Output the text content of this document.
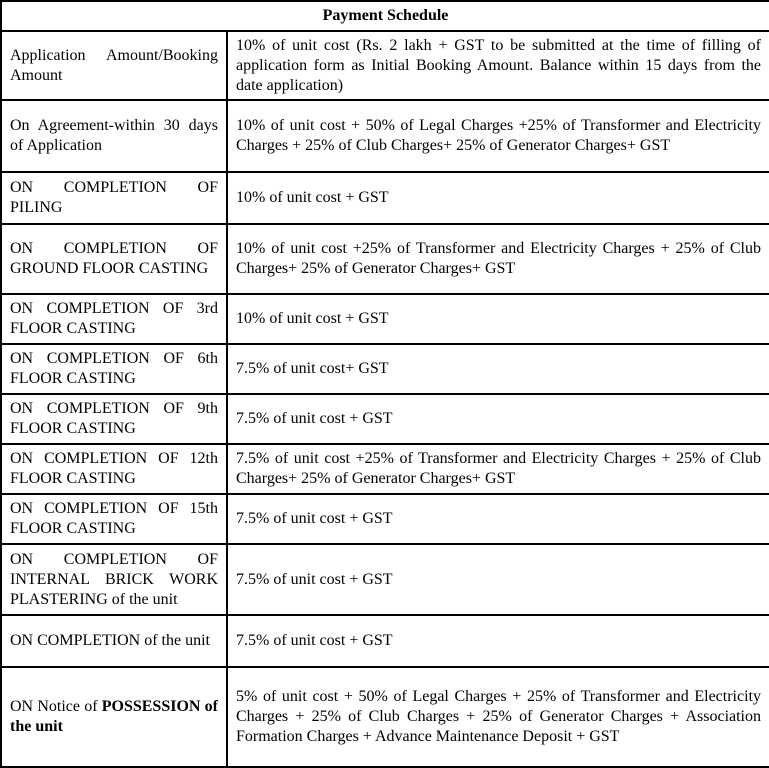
Payment Schedule	
Application Amount/Booking Amount	10% of unit cost (Rs. 2 lakh + GST to be submitted at the time of filling of application form as Initial Booking Amount. Balance within 15 days from the date application)
On Agreement-within 30 days of Application	10% of unit cost + 50% of Legal Charges +25% of Transformer and Electricity Charges + 25% of Club Charges+ 25% of Generator Charges+ GST
ON COMPLETION OF PILING	10% of unit cost + GST
ON COMPLETION OF GROUND FLOOR CASTING	10% of unit cost +25% of Transformer and Electricity Charges + 25% of Club Charges+ 25% of Generator Charges+ GST
ON COMPLETION OF 3rd FLOOR CASTING	10% of unit cost + GST
ON COMPLETION OF 6th FLOOR CASTING	7.5% of unit cost+ GST
ON COMPLETION OF 9th FLOOR CASTING	7.5% of unit cost + GST
ON COMPLETION OF 12th FLOOR CASTING	7.5% of unit cost +25% of Transformer and Electricity Charges + 25% of Club Charges+ 25% of Generator Charges+ GST
ON COMPLETION OF 15th FLOOR CASTING	7.5% of unit cost + GST
ON COMPLETION OF INTERNAL BRICK WORK PLASTERING of the unit	7.5% of unit cost + GST
ON COMPLETION of the unit	7.5% of unit cost + GST
ON Notice of POSSESSION of the unit	5% of unit cost + 50% of Legal Charges + 25% of Transformer and Electricity Charges + 25% of Club Charges + 25% of Generator Charges + Association Formation Charges + Advance Maintenance Deposit + GST
